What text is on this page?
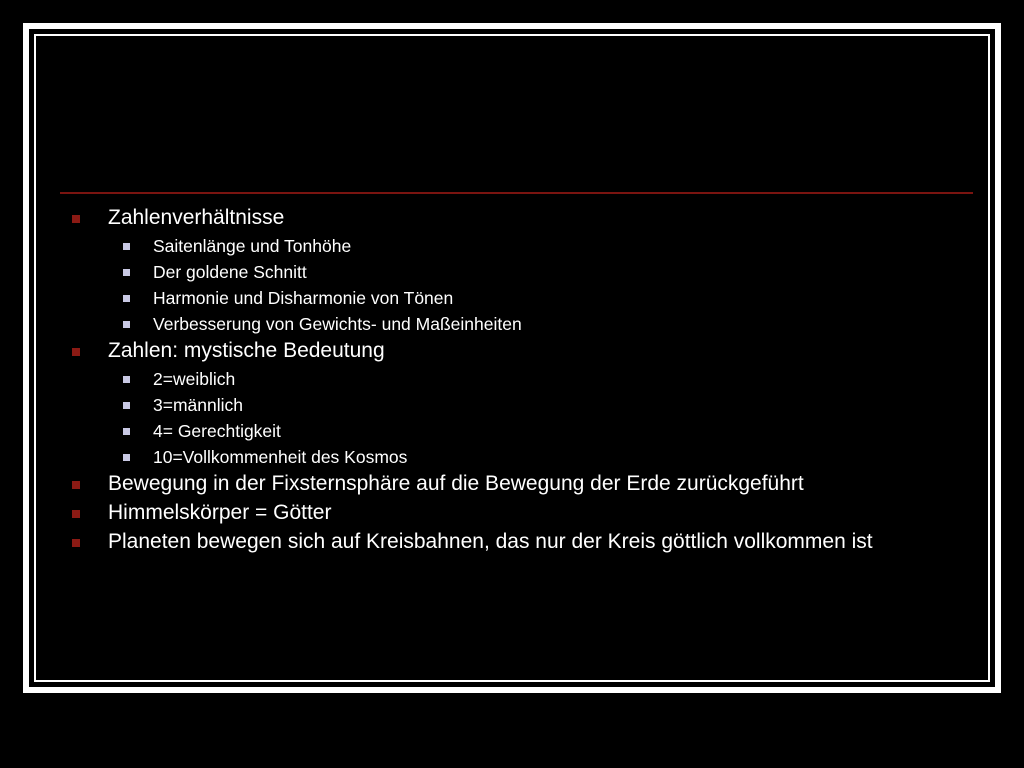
Zahlenverhältnisse
Saitenlänge und Tonhöhe
Der goldene Schnitt
Harmonie und Disharmonie von Tönen
Verbesserung von Gewichts- und Maßeinheiten
Zahlen: mystische Bedeutung
2=weiblich
3=männlich
4= Gerechtigkeit
10=Vollkommenheit des Kosmos
Bewegung in der Fixsternsphäre auf die Bewegung der Erde zurückgeführt
Himmelskörper = Götter
Planeten bewegen sich auf Kreisbahnen, das nur der Kreis göttlich vollkommen ist
